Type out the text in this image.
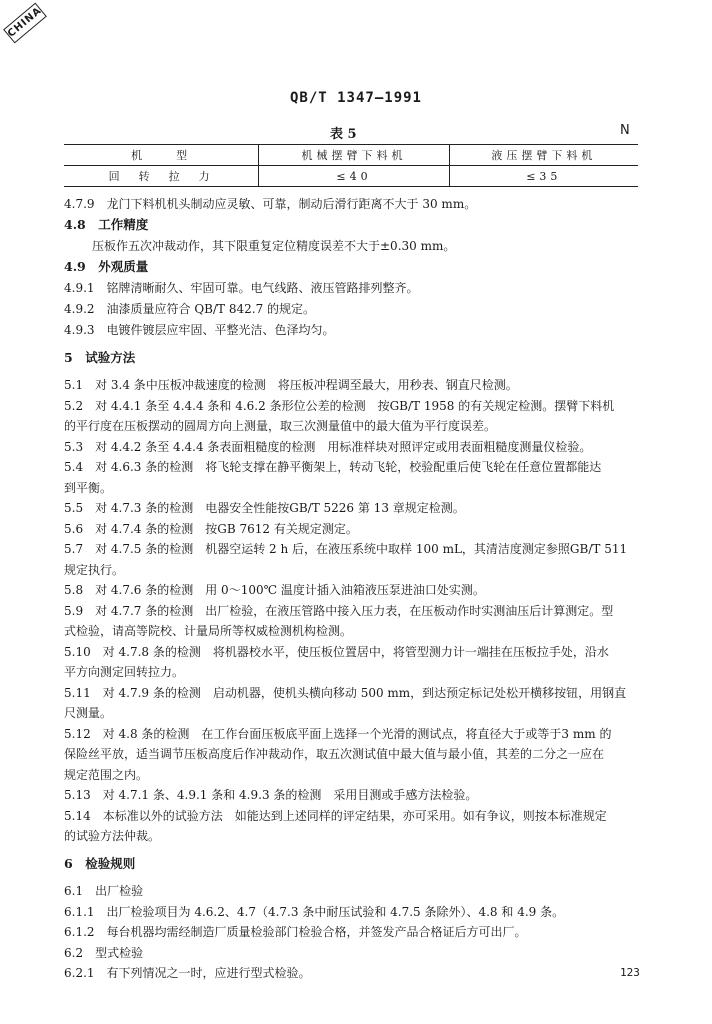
CHINA
QB/T 1347—1991
表 5	N
机　　型	机械摆臂下料机	液压摆臂下料机
回　转　拉　力	≤40	≤35
4.7.9　龙门下料机机头制动应灵敏、可靠，制动后滑行距离不大于 30 mm。
4.8　工作精度
压板作五次冲裁动作，其下限重复定位精度误差不大于±0.30 mm。
4.9　外观质量
4.9.1　铭牌清晰耐久、牢固可靠。电气线路、液压管路排列整齐。
4.9.2　油漆质量应符合 QB/T 842.7 的规定。
4.9.3　电镀件镀层应牢固、平整光洁、色泽均匀。
5　试验方法
5.1　对 3.4 条中压板冲裁速度的检测　将压板冲程调至最大，用秒表、钢直尺检测。
5.2　对 4.4.1 条至 4.4.4 条和 4.6.2 条形位公差的检测　按GB/T 1958 的有关规定检测。摆臂下料机
的平行度在压板摆动的圆周方向上测量，取三次测量值中的最大值为平行度误差。
5.3　对 4.4.2 条至 4.4.4 条表面粗糙度的检测　用标准样块对照评定或用表面粗糙度测量仪检验。
5.4　对 4.6.3 条的检测　将飞轮支撑在静平衡架上，转动飞轮，校验配重后使飞轮在任意位置都能达
到平衡。
5.5　对 4.7.3 条的检测　电器安全性能按GB/T 5226 第 13 章规定检测。
5.6　对 4.7.4 条的检测　按GB 7612 有关规定测定。
5.7　对 4.7.5 条的检测　机器空运转 2 h 后，在液压系统中取样 100 mL，其清洁度测定参照GB/T 511
规定执行。
5.8　对 4.7.6 条的检测　用 0～100℃ 温度计插入油箱液压泵进油口处实测。
5.9　对 4.7.7 条的检测　出厂检验，在液压管路中接入压力表，在压板动作时实测油压后计算测定。型
式检验，请高等院校、计量局所等权威检测机构检测。
5.10　对 4.7.8 条的检测　将机器校水平，使压板位置居中，将管型测力计一端挂在压板拉手处，沿水
平方向测定回转拉力。
5.11　对 4.7.9 条的检测　启动机器，使机头横向移动 500 mm，到达预定标记处松开横移按钮，用钢直
尺测量。
5.12　对 4.8 条的检测　在工作台面压板底平面上选择一个光滑的测试点，将直径大于或等于3 mm 的
保险丝平放，适当调节压板高度后作冲裁动作，取五次测试值中最大值与最小值，其差的二分之一应在
规定范围之内。
5.13　对 4.7.1 条、4.9.1 条和 4.9.3 条的检测　采用目测或手感方法检验。
5.14　本标准以外的试验方法　如能达到上述同样的评定结果，亦可采用。如有争议，则按本标准规定
的试验方法仲裁。
6　检验规则
6.1　出厂检验
6.1.1　出厂检验项目为 4.6.2、4.7（4.7.3 条中耐压试验和 4.7.5 条除外）、4.8 和 4.9 条。
6.1.2　每台机器均需经制造厂质量检验部门检验合格，并签发产品合格证后方可出厂。
6.2　型式检验
6.2.1　有下列情况之一时，应进行型式检验。	123
